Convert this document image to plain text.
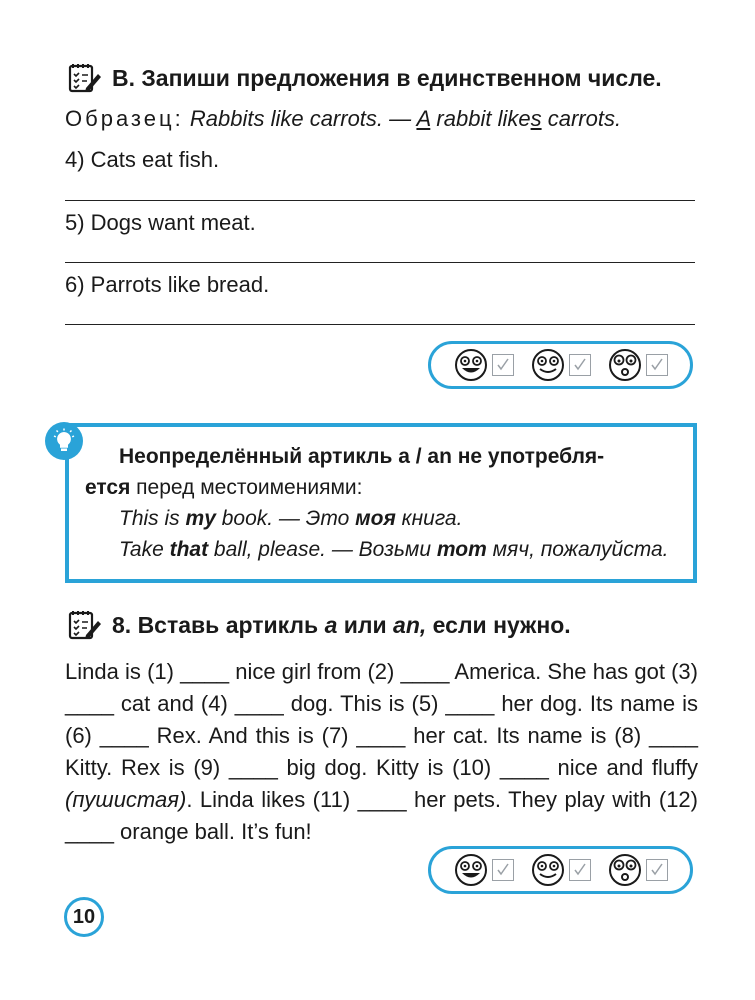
B. Запиши предложения в единственном числе.
Образец: Rabbits like carrots. — A rabbit likes carrots.
4) Cats eat fish.
5) Dogs want meat.
6) Parrots like bread.
Неопределённый артикль a / an не употребля-
ется перед местоимениями:
This is my book. — Это моя книга.
Take that ball, please. — Возьми тот мяч, пожалуйста.
8. Вставь артикль a или an, если нужно.

Linda is (1) ____ nice girl from (2) ____ America. She has got (3) ____ cat and (4) ____ dog. This is (5) ____ her dog. Its name is (6) ____ Rex. And this is (7) ____ her cat. Its name is (8) ____ Kitty. Rex is (9) ____ big dog. Kitty is (10) ____ nice and fluffy (пушистая). Linda likes (11) ____ her pets. They play with (12) ____ orange ball. It’s fun!

10
